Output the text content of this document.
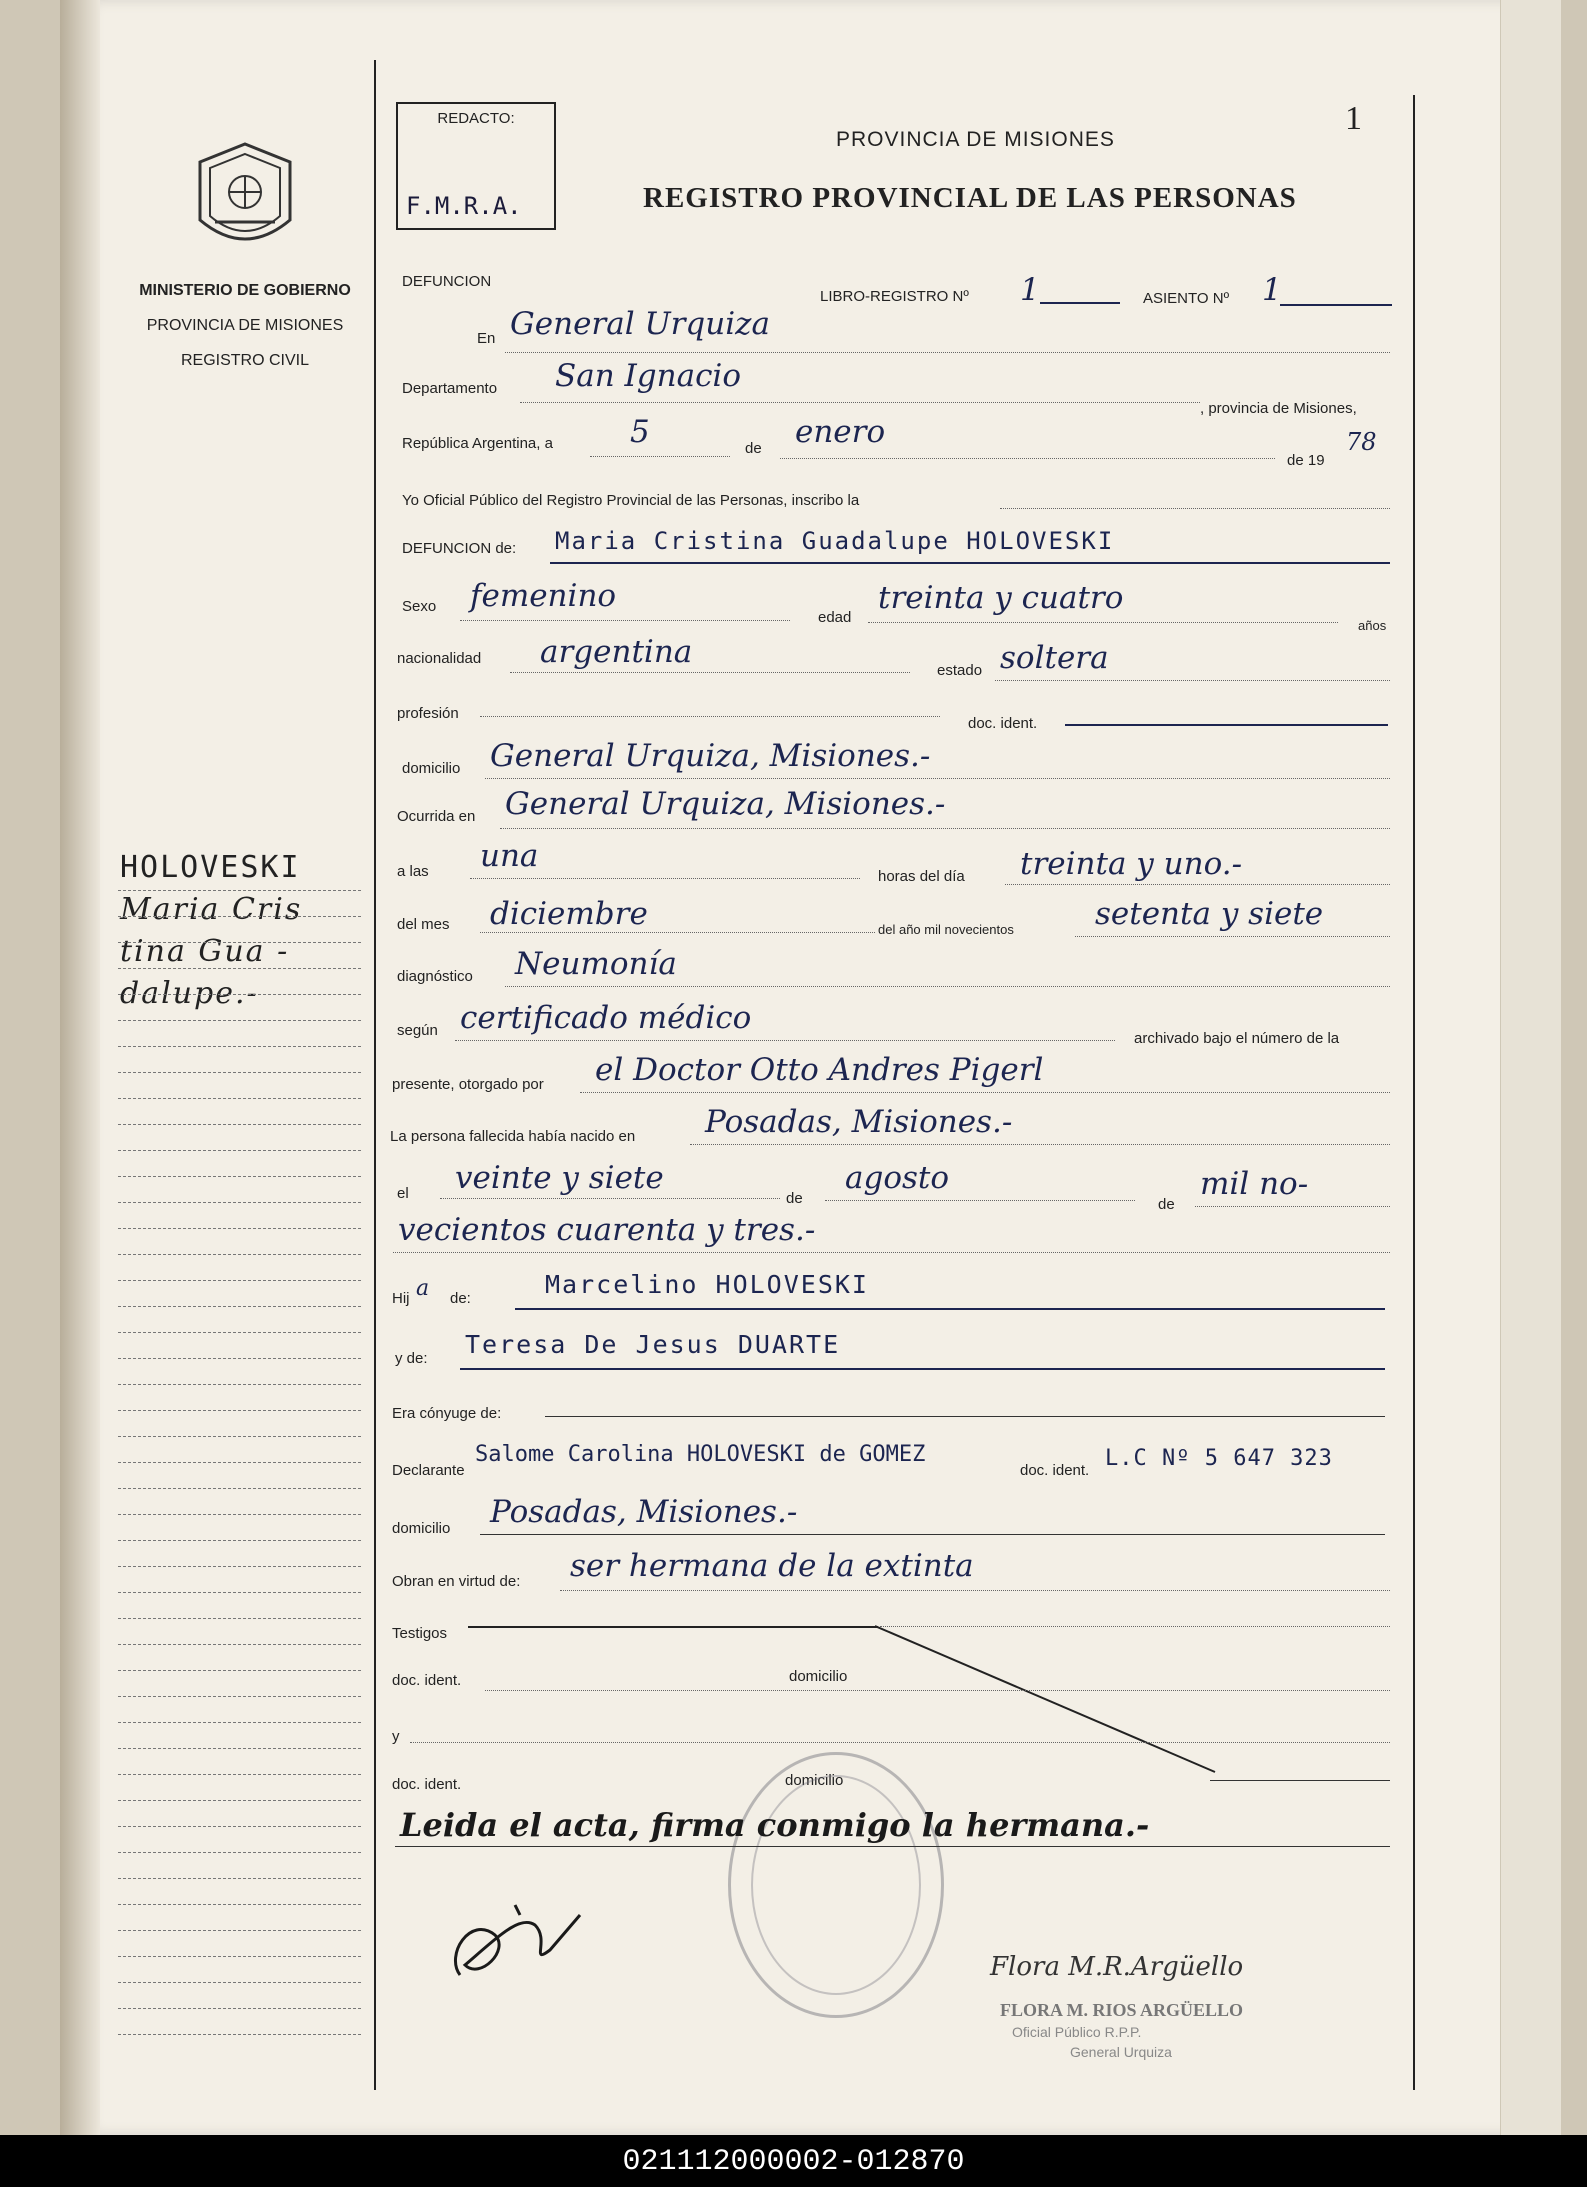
MINISTERIO DE GOBIERNO
PROVINCIA DE MISIONES
REGISTRO CIVIL
REDACTO:
F.M.R.A.
1
PROVINCIA DE MISIONES
REGISTRO PROVINCIAL DE LAS PERSONAS
DEFUNCION
LIBRO-REGISTRO Nº 1	ASIENTO Nº 1
En General Urquiza
Departamento San Ignacio
, provincia de Misiones,
República Argentina, a 5	de enero
de 19
78
Yo Oficial Público del Registro Provincial de las Personas, inscribo la
DEFUNCION de: Maria Cristina Guadalupe HOLOVESKI
Sexo femenino
edad
treinta y cuatro
años
nacionalidad argentina
estado soltera
profesión
doc. ident.
domicilio General Urquiza, Misiones.-
Ocurrida en General Urquiza, Misiones.-
a las una
horas del día treinta y uno.-
del mes diciembre	del año mil novecientos	setenta y siete
diagnóstico Neumonía
según certificado médico
archivado bajo el número de la
presente, otorgado por el Doctor Otto Andres Pigerl
La persona fallecida había nacido en Posadas, Misiones.-
el veinte y siete
de
agosto
de
mil no-
vecientos cuarenta y tres.-
Hij a de:	Marcelino HOLOVESKI
y de: Teresa De Jesus DUARTE
Era cónyuge de:
Declarante
Salome Carolina HOLOVESKI de GOMEZ
doc. ident. L.C Nº 5 647 323
domicilio Posadas, Misiones.-
Obran en virtud de: ser hermana de la extinta
Testigos
doc. ident.	domicilio
y
doc. ident.	domicilio
Leida el acta, firma conmigo la hermana.-
Flora M.R.Argüello
FLORA M. RIOS ARGÜELLO
Oficial Público R.P.P.
General Urquiza
HOLOVESKI
Maria Cris
tina Gua -
dalupe.-
021112000002-012870
